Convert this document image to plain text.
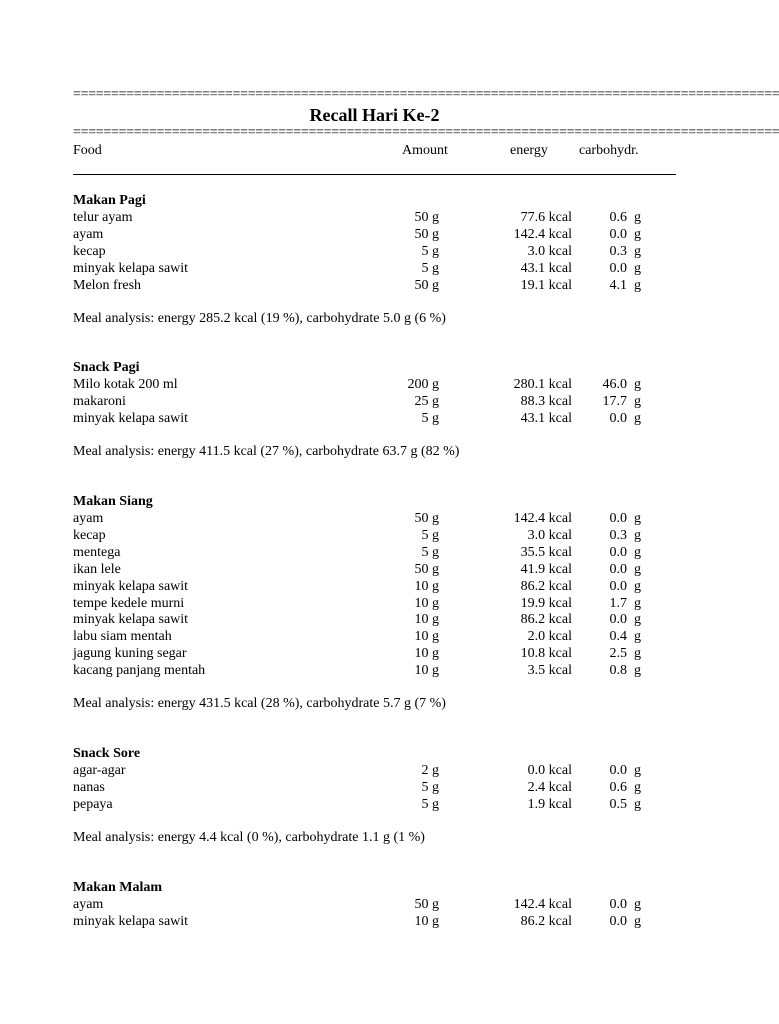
=============================================================================================
Recall Hari Ke-2
=============================================================================================
Food	Amount	energy carbohydr.
Makan Pagi
telur ayam	50 g	77.6 kcal	0.6 g
ayam	50 g	142.4 kcal	0.0 g
kecap	5 g	3.0 kcal	0.3 g
minyak kelapa sawit	5 g	43.1 kcal	0.0 g
Melon fresh	50 g	19.1 kcal	4.1 g
Meal analysis: energy 285.2 kcal (19 %), carbohydrate 5.0 g (6 %)
Snack Pagi
Milo kotak 200 ml	200 g	280.1 kcal 46.0 g
makaroni	25 g	88.3 kcal 17.7 g
minyak kelapa sawit	5 g	43.1 kcal	0.0 g
Meal analysis: energy 411.5 kcal (27 %), carbohydrate 63.7 g (82 %)
Makan Siang
ayam	50 g	142.4 kcal	0.0 g
kecap	5 g	3.0 kcal	0.3 g
mentega	5 g	35.5 kcal	0.0 g
ikan lele	50 g	41.9 kcal	0.0 g
minyak kelapa sawit	10 g	86.2 kcal	0.0 g
tempe kedele murni	10 g	19.9 kcal	1.7 g
minyak kelapa sawit	10 g	86.2 kcal	0.0 g
labu siam mentah	10 g	2.0 kcal	0.4 g
jagung kuning segar	10 g	10.8 kcal	2.5 g
kacang panjang mentah	10 g	3.5 kcal	0.8 g
Meal analysis: energy 431.5 kcal (28 %), carbohydrate 5.7 g (7 %)
Snack Sore
agar-agar	2 g	0.0 kcal	0.0 g
nanas	5 g	2.4 kcal	0.6 g
pepaya	5 g	1.9 kcal	0.5 g
Meal analysis: energy 4.4 kcal (0 %), carbohydrate 1.1 g (1 %)
Makan Malam
ayam	50 g	142.4 kcal	0.0 g
minyak kelapa sawit	10 g	86.2 kcal	0.0 g
